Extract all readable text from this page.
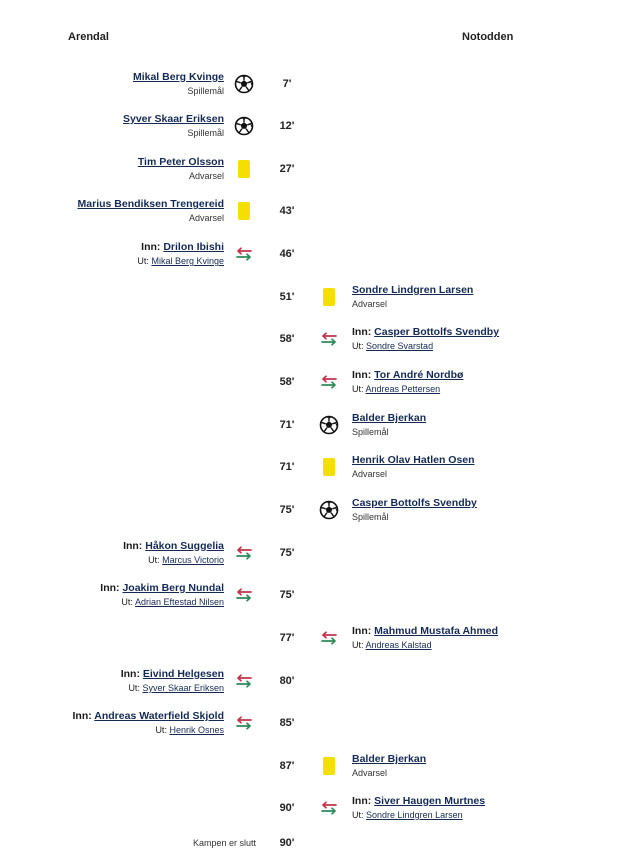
Arendal	Notodden
7'
Mikal Berg Kvinge
Spillemål
12'
Syver Skaar Eriksen
Spillemål
27'
Tim Peter Olsson
Advarsel
43'
Marius Bendiksen Trengereid
Advarsel
46'
Inn: Drilon Ibishi
Ut: Mikal Berg Kvinge
51'
Sondre Lindgren Larsen
Advarsel
58'
Inn: Casper Bottolfs Svendby
Ut: Sondre Svarstad
58'
Inn: Tor André Nordbø
Ut: Andreas Pettersen
71'
Balder Bjerkan
Spillemål
71'
Henrik Olav Hatlen Osen
Advarsel
75'
Casper Bottolfs Svendby
Spillemål
75'
Inn: Håkon Suggelia
Ut: Marcus Victorio
75'
Inn: Joakim Berg Nundal
Ut: Adrian Eftestad Nilsen
77'
Inn: Mahmud Mustafa Ahmed
Ut: Andreas Kalstad
80'
Inn: Eivind Helgesen
Ut: Syver Skaar Eriksen
85'
Inn: Andreas Waterfield Skjold
Ut: Henrik Osnes
87'
Balder Bjerkan
Advarsel
90'
Inn: Siver Haugen Murtnes
Ut: Sondre Lindgren Larsen
Kampen er slutt	90'
